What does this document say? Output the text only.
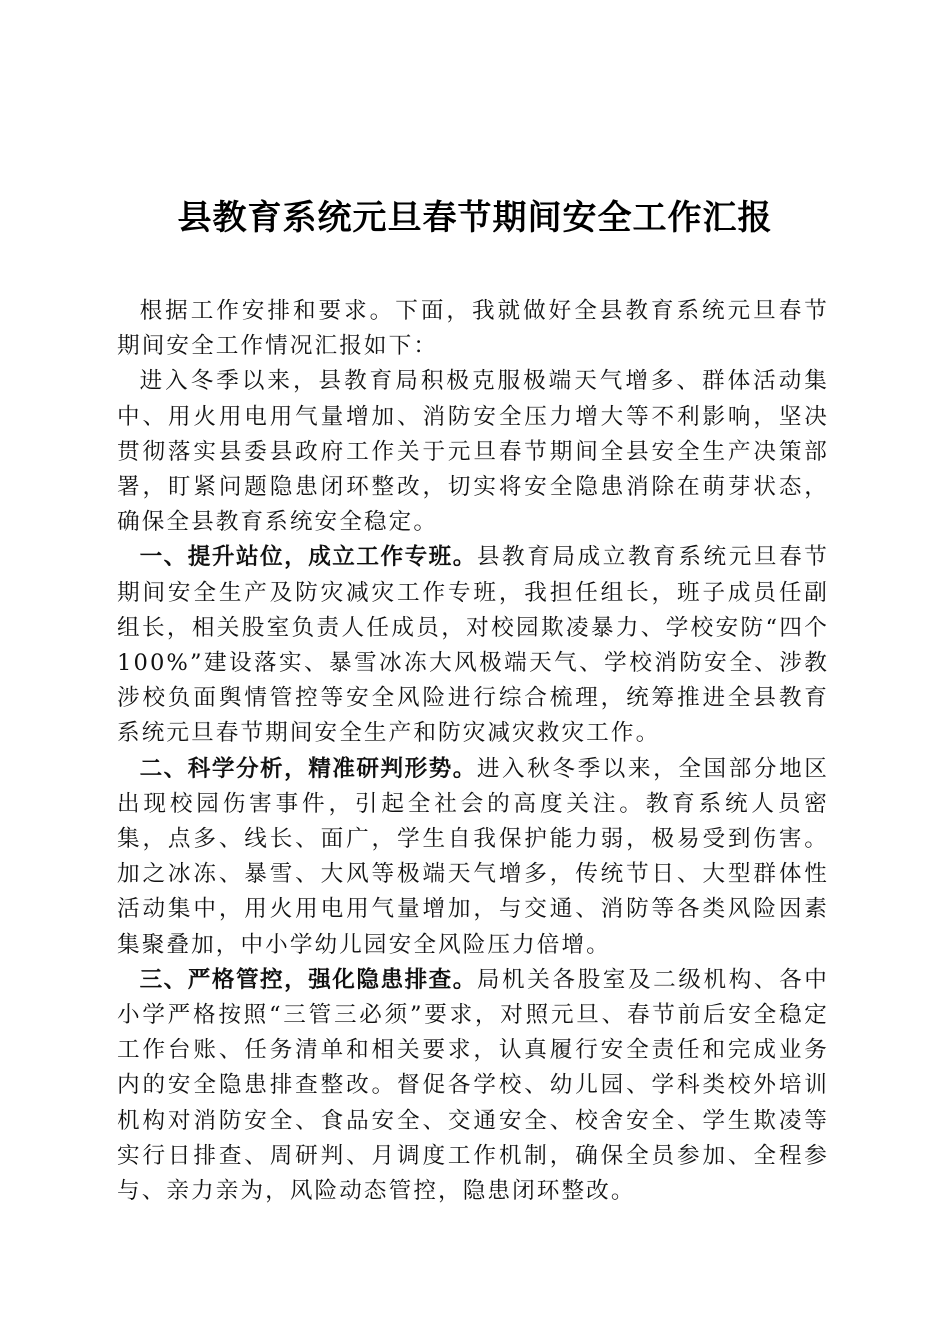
县教育系统元旦春节期间安全工作汇报

根据工作安排和要求。下面，我就做好全县教育系统元旦春节期间安全工作情况汇报如下：

进入冬季以来，县教育局积极克服极端天气增多、群体活动集中、用火用电用气量增加、消防安全压力增大等不利影响，坚决贯彻落实县委县政府工作关于元旦春节期间全县安全生产决策部署，盯紧问题隐患闭环整改，切实将安全隐患消除在萌芽状态，确保全县教育系统安全稳定。

一、提升站位，成立工作专班。县教育局成立教育系统元旦春节期间安全生产及防灾减灾工作专班，我担任组长，班子成员任副组长，相关股室负责人任成员，对校园欺凌暴力、学校安防“四个100%”建设落实、暴雪冰冻大风极端天气、学校消防安全、涉教涉校负面舆情管控等安全风险进行综合梳理，统筹推进全县教育系统元旦春节期间安全生产和防灾减灾救灾工作。

二、科学分析，精准研判形势。进入秋冬季以来，全国部分地区出现校园伤害事件，引起全社会的高度关注。教育系统人员密集，点多、线长、面广，学生自我保护能力弱，极易受到伤害。加之冰冻、暴雪、大风等极端天气增多，传统节日、大型群体性活动集中，用火用电用气量增加，与交通、消防等各类风险因素集聚叠加，中小学幼儿园安全风险压力倍增。

三、严格管控，强化隐患排查。局机关各股室及二级机构、各中小学严格按照“三管三必须”要求，对照元旦、春节前后安全稳定工作台账、任务清单和相关要求，认真履行安全责任和完成业务内的安全隐患排查整改。督促各学校、幼儿园、学科类校外培训机构对消防安全、食品安全、交通安全、校舍安全、学生欺凌等实行日排查、周研判、月调度工作机制，确保全员参加、全程参与、亲力亲为，风险动态管控，隐患闭环整改。
